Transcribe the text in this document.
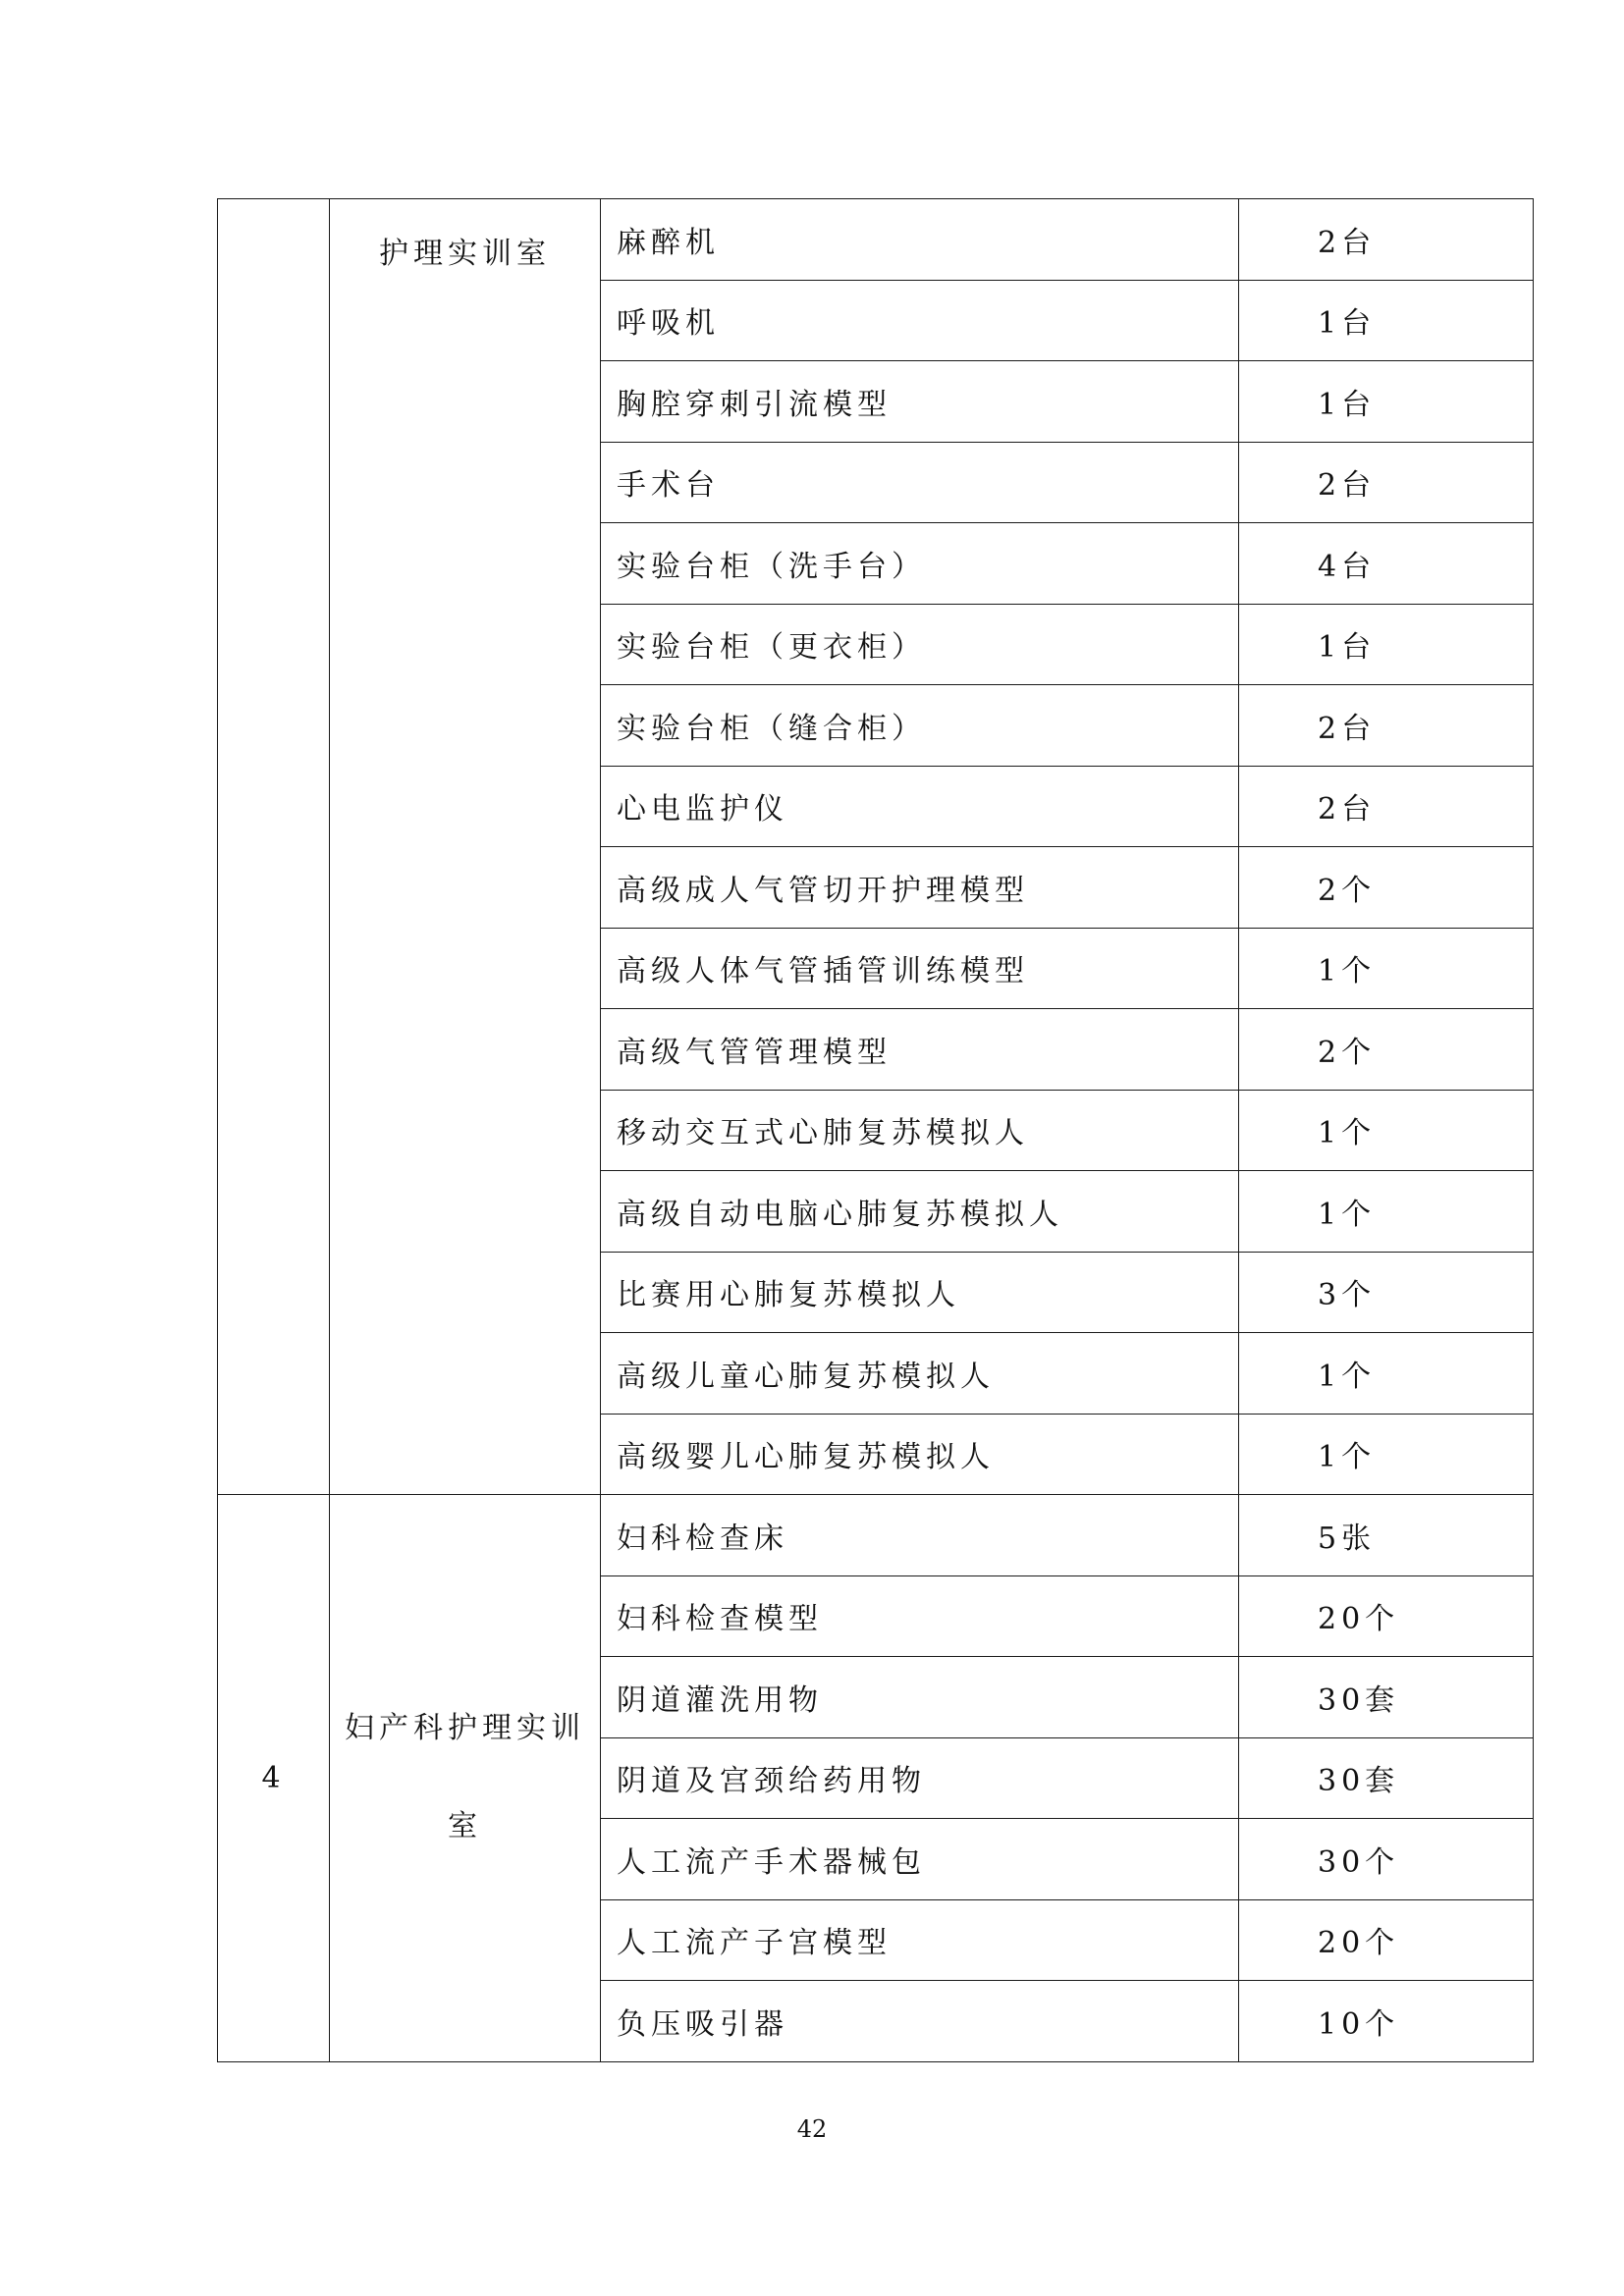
	护理实训室	麻醉机	2台
		呼吸机	1台
		胸腔穿刺引流模型	1台
		手术台	2台
		实验台柜（洗手台）	4台
		实验台柜（更衣柜）	1台
		实验台柜（缝合柜）	2台
		心电监护仪	2台
		高级成人气管切开护理模型	2个
		高级人体气管插管训练模型	1个
		高级气管管理模型	2个
		移动交互式心肺复苏模拟人	1个
		高级自动电脑心肺复苏模拟人	1个
		比赛用心肺复苏模拟人	3个
		高级儿童心肺复苏模拟人	1个
		高级婴儿心肺复苏模拟人	1个
4	妇产科护理实训室	妇科检查床	5张
		妇科检查模型	20个
		阴道灌洗用物	30套
		阴道及宫颈给药用物	30套
		人工流产手术器械包	30个
		人工流产子宫模型	20个
		负压吸引器	10个
42
